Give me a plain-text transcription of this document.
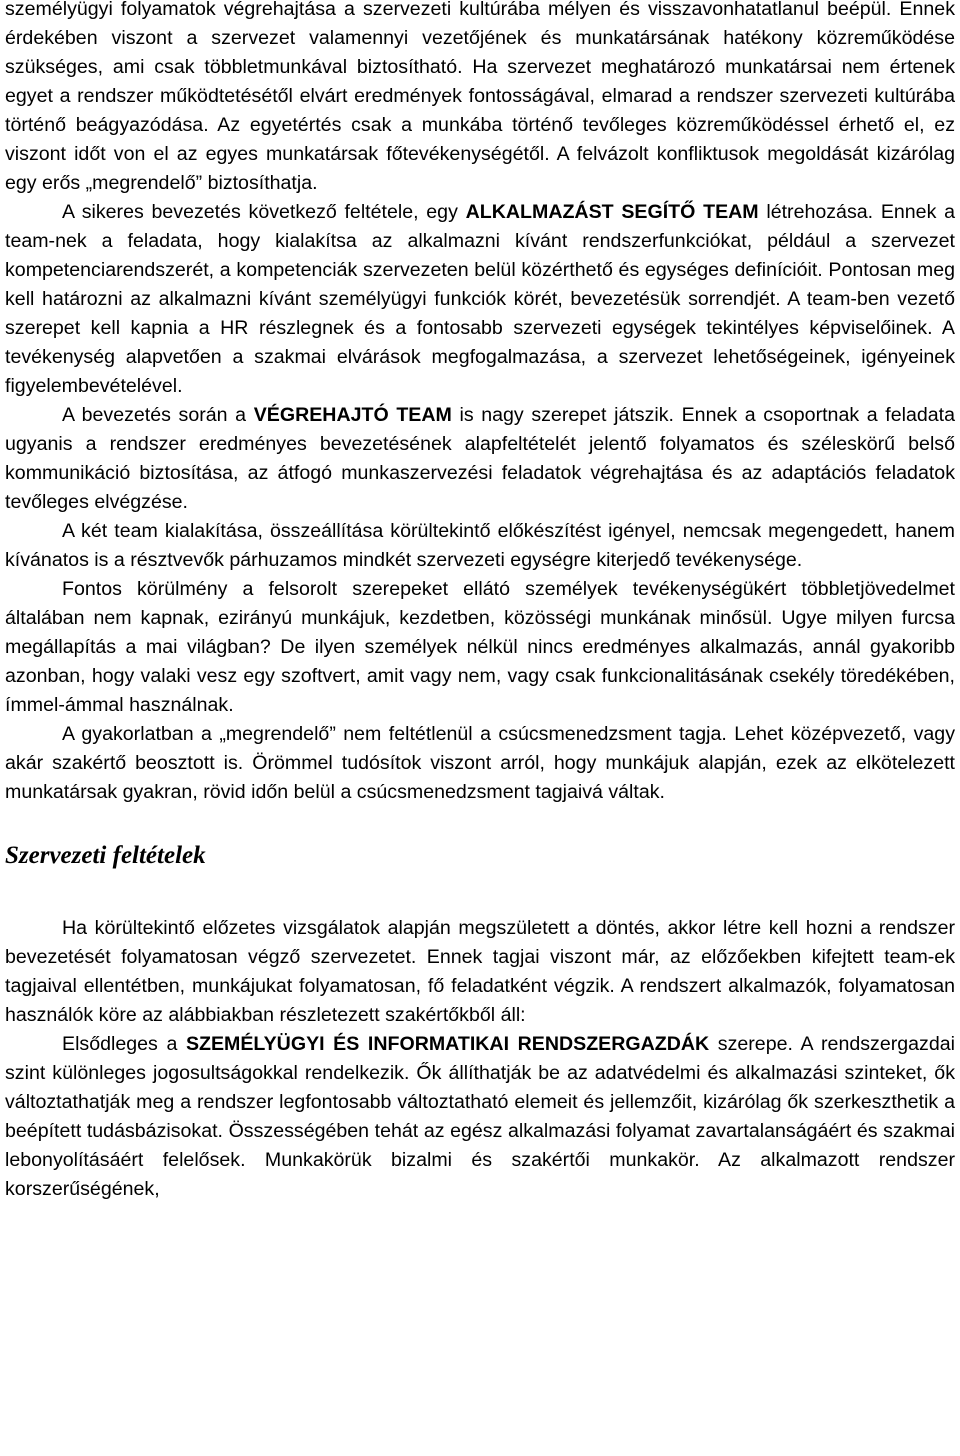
személyügyi folyamatok végrehajtása a szervezeti kultúrába mélyen és visszavonhatatlanul beépül. Ennek érdekében viszont a szervezet valamennyi vezetőjének és munkatársának hatékony közreműködése szükséges, ami csak többletmunkával biztosítható. Ha szervezet meghatározó munkatársai nem értenek egyet a rendszer működtetésétől elvárt eredmények fontosságával, elmarad a rendszer szervezeti kultúrába történő beágyazódása. Az egyetértés csak a munkába történő tevőleges közreműködéssel érhető el, ez viszont időt von el az egyes munkatársak főtevékenységétől. A felvázolt konfliktusok megoldását kizárólag egy erős „megrendelő” biztosíthatja.

A sikeres bevezetés következő feltétele, egy ALKALMAZÁST SEGÍTŐ TEAM létrehozása. Ennek a team-nek a feladata, hogy kialakítsa az alkalmazni kívánt rendszerfunkciókat, például a szervezet kompetenciarendszerét, a kompetenciák szervezeten belül közérthető és egységes definícióit. Pontosan meg kell határozni az alkalmazni kívánt személyügyi funkciók körét, bevezetésük sorrendjét. A team-ben vezető szerepet kell kapnia a HR részlegnek és a fontosabb szervezeti egységek tekintélyes képviselőinek. A tevékenység alapvetően a szakmai elvárások megfogalmazása, a szervezet lehetőségeinek, igényeinek figyelembevételével.

A bevezetés során a VÉGREHAJTÓ TEAM is nagy szerepet játszik. Ennek a csoportnak a feladata ugyanis a rendszer eredményes bevezetésének alapfeltételét jelentő folyamatos és széleskörű belső kommunikáció biztosítása, az átfogó munkaszervezési feladatok végrehajtása és az adaptációs feladatok tevőleges elvégzése.

A két team kialakítása, összeállítása körültekintő előkészítést igényel, nemcsak megengedett, hanem kívánatos is a résztvevők párhuzamos mindkét szervezeti egységre kiterjedő tevékenysége.

Fontos körülmény a felsorolt szerepeket ellátó személyek tevékenységükért többletjövedelmet általában nem kapnak, ezirányú munkájuk, kezdetben, közösségi munkának minősül. Ugye milyen furcsa megállapítás a mai világban? De ilyen személyek nélkül nincs eredményes alkalmazás, annál gyakoribb azonban, hogy valaki vesz egy szoftvert, amit vagy nem, vagy csak funkcionalitásának csekély töredékében, ímmel-ámmal használnak.

A gyakorlatban a „megrendelő” nem feltétlenül a csúcsmenedzsment tagja. Lehet középvezető, vagy akár szakértő beosztott is. Örömmel tudósítok viszont arról, hogy munkájuk alapján, ezek az elkötelezett munkatársak gyakran, rövid időn belül a csúcsmenedzsment tagjaivá váltak.

Szervezeti feltételek

Ha körültekintő előzetes vizsgálatok alapján megszületett a döntés, akkor létre kell hozni a rendszer bevezetését folyamatosan végző szervezetet. Ennek tagjai viszont már, az előzőekben kifejtett team-ek tagjaival ellentétben, munkájukat folyamatosan, fő feladatként végzik. A rendszert alkalmazók, folyamatosan használók köre az alábbiakban részletezett szakértőkből áll:

Elsődleges a SZEMÉLYÜGYI ÉS INFORMATIKAI RENDSZERGAZDÁK szerepe. A rendszergazdai szint különleges jogosultságokkal rendelkezik. Ők állíthatják be az adatvédelmi és alkalmazási szinteket, ők változtathatják meg a rendszer legfontosabb változtatható elemeit és jellemzőit, kizárólag ők szerkeszthetik a beépített tudásbázisokat. Összességében tehát az egész alkalmazási folyamat zavartalanságáért és szakmai lebonyolításáért felelősek. Munkakörük bizalmi és szakértői munkakör. Az alkalmazott rendszer korszerűségének,
